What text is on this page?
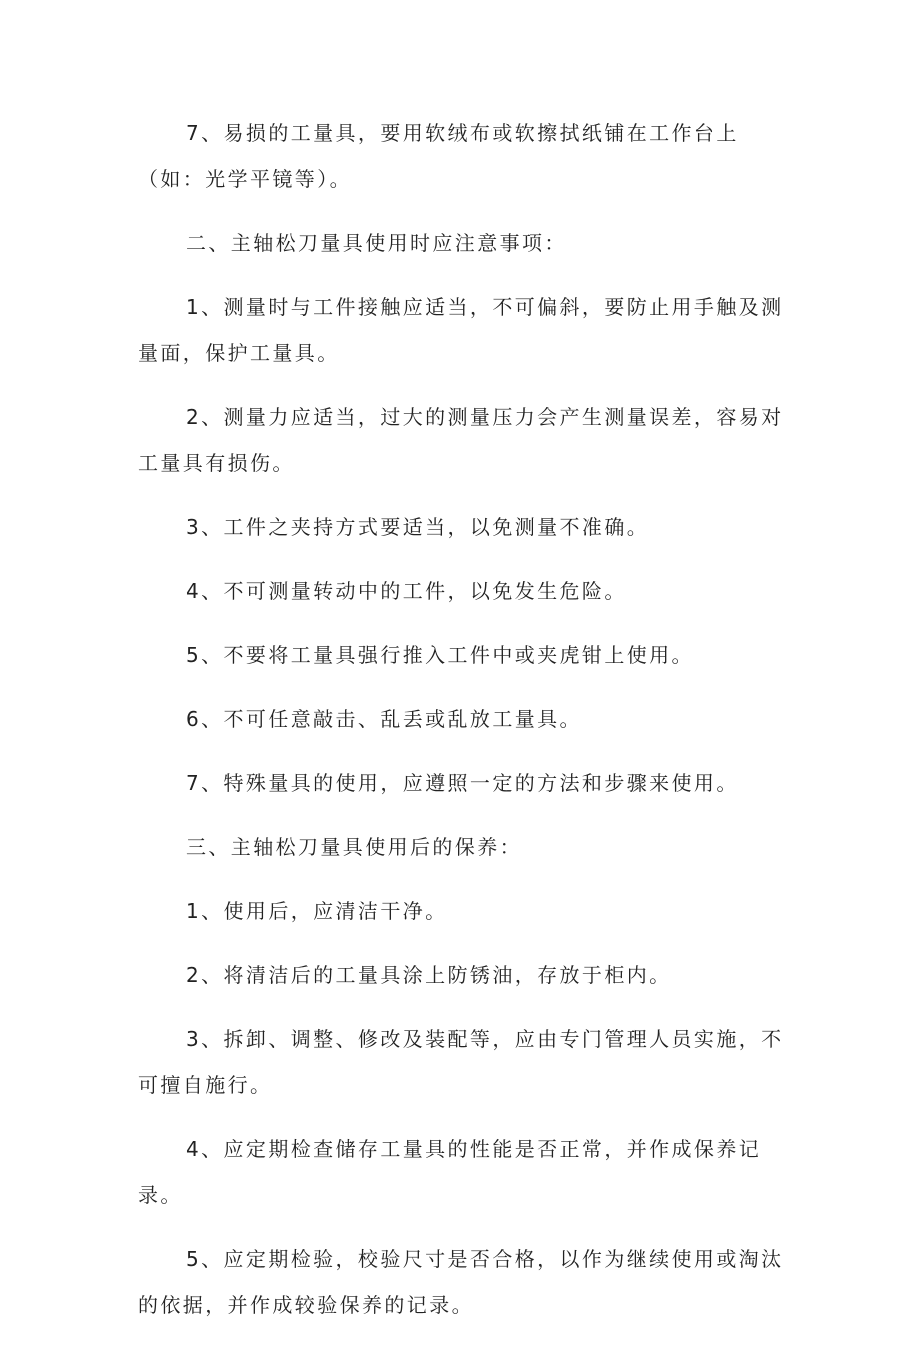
7、易损的工量具，要用软绒布或软擦拭纸铺在工作台上（如：光学平镜等）。

二、主轴松刀量具使用时应注意事项：

1、测量时与工件接触应适当，不可偏斜，要防止用手触及测量面，保护工量具。

2、测量力应适当，过大的测量压力会产生测量误差，容易对工量具有损伤。

3、工件之夹持方式要适当，以免测量不准确。

4、不可测量转动中的工件，以免发生危险。

5、不要将工量具强行推入工件中或夹虎钳上使用。

6、不可任意敲击、乱丢或乱放工量具。

7、特殊量具的使用，应遵照一定的方法和步骤来使用。

三、主轴松刀量具使用后的保养：

1、使用后，应清洁干净。

2、将清洁后的工量具涂上防锈油，存放于柜内。

3、拆卸、调整、修改及装配等，应由专门管理人员实施，不可擅自施行。

4、应定期检查储存工量具的性能是否正常，并作成保养记录。

5、应定期检验，校验尺寸是否合格，以作为继续使用或淘汰的依据，并作成较验保养的记录。
